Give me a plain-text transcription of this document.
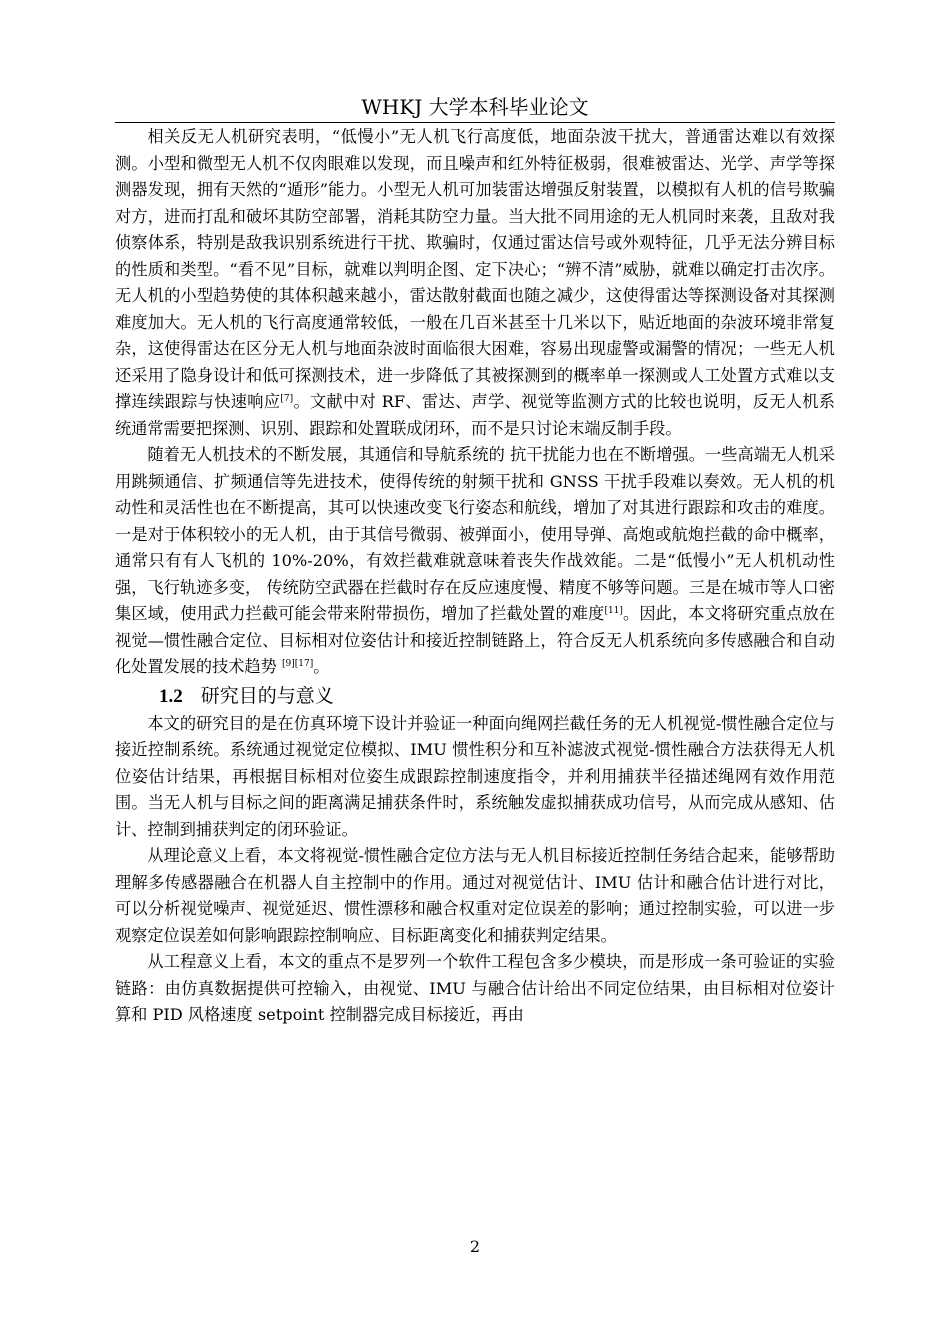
WHKJ 大学本科毕业论文

相关反无人机研究表明，“低慢小”无人机飞行高度低，地面杂波干扰大，普通雷达难以有效探测。小型和微型无人机不仅肉眼难以发现，而且噪声和红外特征极弱，很难被雷达、光学、声学等探测器发现，拥有天然的“遁形”能力。小型无人机可加装雷达增强反射装置，以模拟有人机的信号欺骗对方，进而打乱和破坏其防空部署，消耗其防空力量。当大批不同用途的无人机同时来袭，且敌对我侦察体系，特别是敌我识别系统进行干扰、欺骗时，仅通过雷达信号或外观特征，几乎无法分辨目标的性质和类型。“看不见”目标，就难以判明企图、定下决心；“辨不清”威胁，就难以确定打击次序。无人机的小型趋势使的其体积越来越小，雷达散射截面也随之减少，这使得雷达等探测设备对其探测难度加大。无人机的飞行高度通常较低，一般在几百米甚至十几米以下，贴近地面的杂波环境非常复杂，这使得雷达在区分无人机与地面杂波时面临很大困难，容易出现虚警或漏警的情况；一些无人机还采用了隐身设计和低可探测技术，进一步降低了其被探测到的概率单一探测或人工处置方式难以支撑连续跟踪与快速响应[7]。文献中对 RF、雷达、声学、视觉等监测方式的比较也说明，反无人机系统通常需要把探测、识别、跟踪和处置联成闭环，而不是只讨论末端反制手段。

随着无人机技术的不断发展，其通信和导航系统的 抗干扰能力也在不断增强。一些高端无人机采用跳频通信、扩频通信等先进技术，使得传统的射频干扰和 GNSS 干扰手段难以奏效。无人机的机动性和灵活性也在不断提高，其可以快速改变飞行姿态和航线，增加了对其进行跟踪和攻击的难度。一是对于体积较小的无人机，由于其信号微弱、被弹面小，使用导弹、高炮或航炮拦截的命中概率，通常只有有人飞机的 10%-20%，有效拦截难就意味着丧失作战效能。二是“低慢小”无人机机动性强，飞行轨迹多变， 传统防空武器在拦截时存在反应速度慢、精度不够等问题。三是在城市等人口密集区域，使用武力拦截可能会带来附带损伤，增加了拦截处置的难度[11]。因此，本文将研究重点放在视觉—惯性融合定位、目标相对位姿估计和接近控制链路上，符合反无人机系统向多传感融合和自动化处置发展的技术趋势 [9][17]。

1.2 研究目的与意义

本文的研究目的是在仿真环境下设计并验证一种面向绳网拦截任务的无人机视觉-惯性融合定位与接近控制系统。系统通过视觉定位模拟、IMU 惯性积分和互补滤波式视觉-惯性融合方法获得无人机位姿估计结果，再根据目标相对位姿生成跟踪控制速度指令，并利用捕获半径描述绳网有效作用范围。当无人机与目标之间的距离满足捕获条件时，系统触发虚拟捕获成功信号，从而完成从感知、估计、控制到捕获判定的闭环验证。

从理论意义上看，本文将视觉-惯性融合定位方法与无人机目标接近控制任务结合起来，能够帮助理解多传感器融合在机器人自主控制中的作用。通过对视觉估计、IMU 估计和融合估计进行对比，可以分析视觉噪声、视觉延迟、惯性漂移和融合权重对定位误差的影响；通过控制实验，可以进一步观察定位误差如何影响跟踪控制响应、目标距离变化和捕获判定结果。

从工程意义上看，本文的重点不是罗列一个软件工程包含多少模块，而是形成一条可验证的实验链路：由仿真数据提供可控输入，由视觉、IMU 与融合估计给出不同定位结果，由目标相对位姿计算和 PID 风格速度 setpoint 控制器完成目标接近，再由

2
